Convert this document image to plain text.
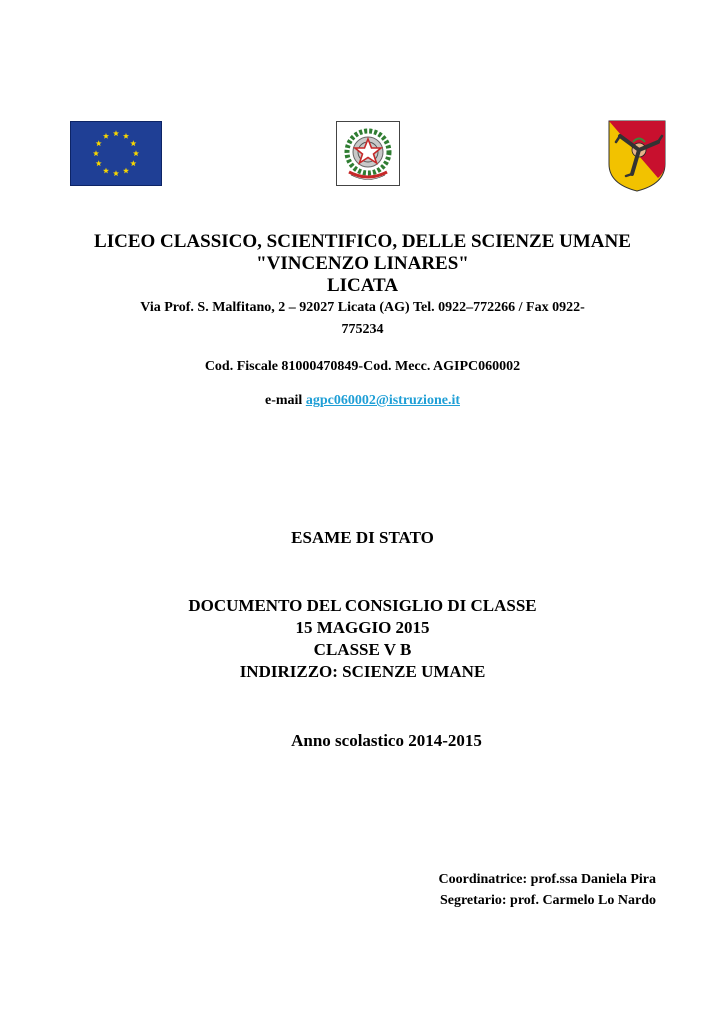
LICEO CLASSICO, SCIENTIFICO, DELLE SCIENZE UMANE
"VINCENZO LINARES"
LICATA
Via Prof. S. Malfitano, 2 – 92027 Licata (AG) Tel. 0922–772266 / Fax 0922-
775234
Cod. Fiscale 81000470849-Cod. Mecc. AGIPC060002
e-mail agpc060002@istruzione.it
ESAME DI STATO
DOCUMENTO DEL CONSIGLIO DI CLASSE
15 MAGGIO 2015
CLASSE V B
INDIRIZZO: SCIENZE UMANE
Anno scolastico 2014-2015
Coordinatrice: prof.ssa Daniela Pira
Segretario: prof. Carmelo Lo Nardo
